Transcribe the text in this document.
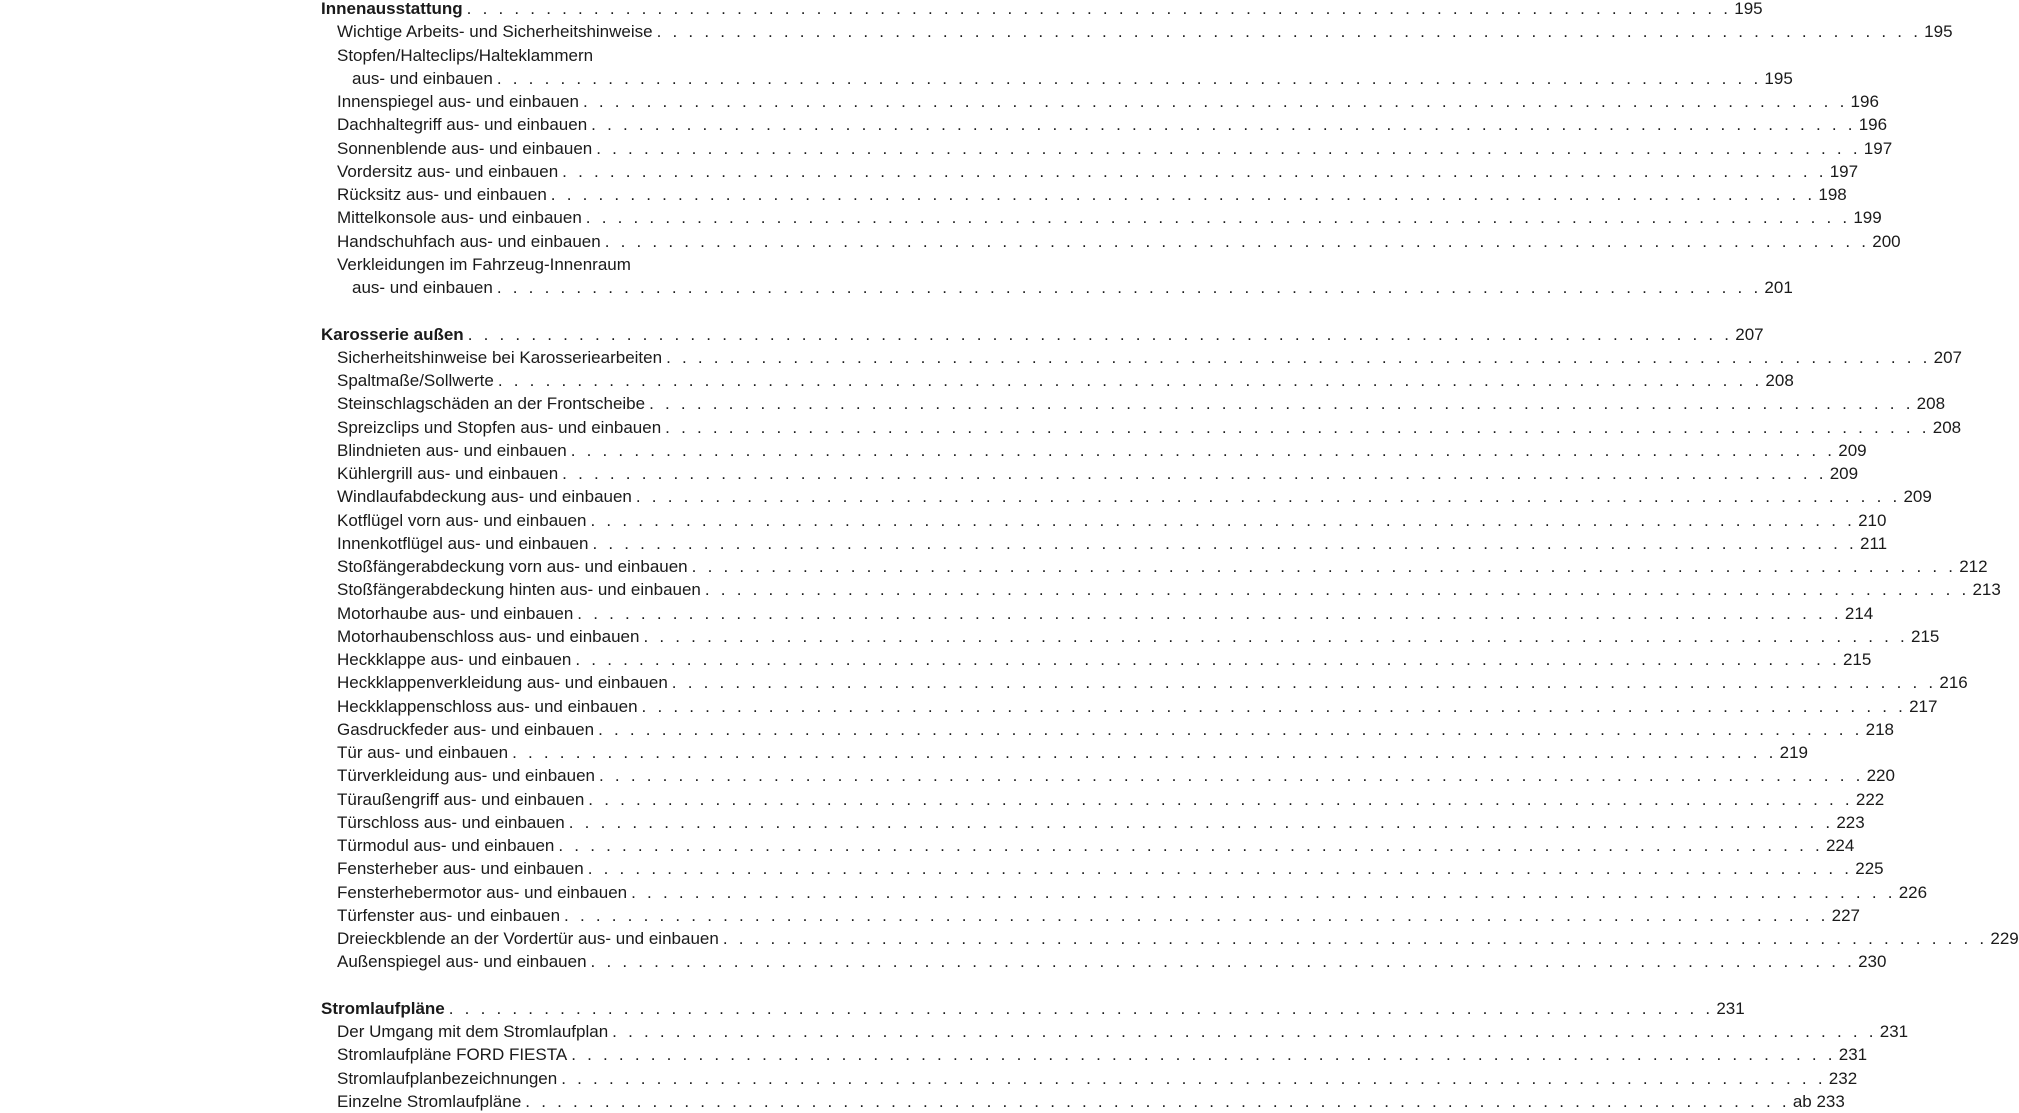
Innenausstattung . . . . . . . . . . . . . . . . . . . . . . . . . . . . . . . . . . . . . . . . . . . . . . . . . . . . . . . . . . . . . . . . . . . . . . . . . . . . . . . . 195
Wichtige Arbeits- und Sicherheitshinweise . . . . . . . . . . . . . . . . . . . . . . . . . . . . . . . . . . . . . . . . . . . . . . . . . . . . . . . . . . . . . . . . . . . . . . . . . . . . . . . . 195
Stopfen/Halteclips/Halteklammern
aus- und einbauen . . . . . . . . . . . . . . . . . . . . . . . . . . . . . . . . . . . . . . . . . . . . . . . . . . . . . . . . . . . . . . . . . . . . . . . . . . . . . . . . 195
Innenspiegel aus- und einbauen . . . . . . . . . . . . . . . . . . . . . . . . . . . . . . . . . . . . . . . . . . . . . . . . . . . . . . . . . . . . . . . . . . . . . . . . . . . . . . . . 196
Dachhaltegriff aus- und einbauen . . . . . . . . . . . . . . . . . . . . . . . . . . . . . . . . . . . . . . . . . . . . . . . . . . . . . . . . . . . . . . . . . . . . . . . . . . . . . . . . 196
Sonnenblende aus- und einbauen . . . . . . . . . . . . . . . . . . . . . . . . . . . . . . . . . . . . . . . . . . . . . . . . . . . . . . . . . . . . . . . . . . . . . . . . . . . . . . . . 197
Vordersitz aus- und einbauen . . . . . . . . . . . . . . . . . . . . . . . . . . . . . . . . . . . . . . . . . . . . . . . . . . . . . . . . . . . . . . . . . . . . . . . . . . . . . . . . 197
Rücksitz aus- und einbauen . . . . . . . . . . . . . . . . . . . . . . . . . . . . . . . . . . . . . . . . . . . . . . . . . . . . . . . . . . . . . . . . . . . . . . . . . . . . . . . . 198
Mittelkonsole aus- und einbauen . . . . . . . . . . . . . . . . . . . . . . . . . . . . . . . . . . . . . . . . . . . . . . . . . . . . . . . . . . . . . . . . . . . . . . . . . . . . . . . . 199
Handschuhfach aus- und einbauen . . . . . . . . . . . . . . . . . . . . . . . . . . . . . . . . . . . . . . . . . . . . . . . . . . . . . . . . . . . . . . . . . . . . . . . . . . . . . . . . 200
Verkleidungen im Fahrzeug-Innenraum
aus- und einbauen . . . . . . . . . . . . . . . . . . . . . . . . . . . . . . . . . . . . . . . . . . . . . . . . . . . . . . . . . . . . . . . . . . . . . . . . . . . . . . . . 201
Karosserie außen . . . . . . . . . . . . . . . . . . . . . . . . . . . . . . . . . . . . . . . . . . . . . . . . . . . . . . . . . . . . . . . . . . . . . . . . . . . . . . . . 207
Sicherheitshinweise bei Karosseriearbeiten . . . . . . . . . . . . . . . . . . . . . . . . . . . . . . . . . . . . . . . . . . . . . . . . . . . . . . . . . . . . . . . . . . . . . . . . . . . . . . . . 207
Spaltmaße/Sollwerte . . . . . . . . . . . . . . . . . . . . . . . . . . . . . . . . . . . . . . . . . . . . . . . . . . . . . . . . . . . . . . . . . . . . . . . . . . . . . . . . 208
Steinschlagschäden an der Frontscheibe . . . . . . . . . . . . . . . . . . . . . . . . . . . . . . . . . . . . . . . . . . . . . . . . . . . . . . . . . . . . . . . . . . . . . . . . . . . . . . . . 208
Spreizclips und Stopfen aus- und einbauen . . . . . . . . . . . . . . . . . . . . . . . . . . . . . . . . . . . . . . . . . . . . . . . . . . . . . . . . . . . . . . . . . . . . . . . . . . . . . . . . 208
Blindnieten aus- und einbauen . . . . . . . . . . . . . . . . . . . . . . . . . . . . . . . . . . . . . . . . . . . . . . . . . . . . . . . . . . . . . . . . . . . . . . . . . . . . . . . . 209
Kühlergrill aus- und einbauen . . . . . . . . . . . . . . . . . . . . . . . . . . . . . . . . . . . . . . . . . . . . . . . . . . . . . . . . . . . . . . . . . . . . . . . . . . . . . . . . 209
Windlaufabdeckung aus- und einbauen . . . . . . . . . . . . . . . . . . . . . . . . . . . . . . . . . . . . . . . . . . . . . . . . . . . . . . . . . . . . . . . . . . . . . . . . . . . . . . . . 209
Kotflügel vorn aus- und einbauen . . . . . . . . . . . . . . . . . . . . . . . . . . . . . . . . . . . . . . . . . . . . . . . . . . . . . . . . . . . . . . . . . . . . . . . . . . . . . . . . 210
Innenkotflügel aus- und einbauen . . . . . . . . . . . . . . . . . . . . . . . . . . . . . . . . . . . . . . . . . . . . . . . . . . . . . . . . . . . . . . . . . . . . . . . . . . . . . . . . 211
Stoßfängerabdeckung vorn aus- und einbauen . . . . . . . . . . . . . . . . . . . . . . . . . . . . . . . . . . . . . . . . . . . . . . . . . . . . . . . . . . . . . . . . . . . . . . . . . . . . . . . . 212
Stoßfängerabdeckung hinten aus- und einbauen . . . . . . . . . . . . . . . . . . . . . . . . . . . . . . . . . . . . . . . . . . . . . . . . . . . . . . . . . . . . . . . . . . . . . . . . . . . . . . . . 213
Motorhaube aus- und einbauen . . . . . . . . . . . . . . . . . . . . . . . . . . . . . . . . . . . . . . . . . . . . . . . . . . . . . . . . . . . . . . . . . . . . . . . . . . . . . . . . 214
Motorhaubenschloss aus- und einbauen . . . . . . . . . . . . . . . . . . . . . . . . . . . . . . . . . . . . . . . . . . . . . . . . . . . . . . . . . . . . . . . . . . . . . . . . . . . . . . . . 215
Heckklappe aus- und einbauen . . . . . . . . . . . . . . . . . . . . . . . . . . . . . . . . . . . . . . . . . . . . . . . . . . . . . . . . . . . . . . . . . . . . . . . . . . . . . . . . 215
Heckklappenverkleidung aus- und einbauen . . . . . . . . . . . . . . . . . . . . . . . . . . . . . . . . . . . . . . . . . . . . . . . . . . . . . . . . . . . . . . . . . . . . . . . . . . . . . . . . 216
Heckklappenschloss aus- und einbauen . . . . . . . . . . . . . . . . . . . . . . . . . . . . . . . . . . . . . . . . . . . . . . . . . . . . . . . . . . . . . . . . . . . . . . . . . . . . . . . . 217
Gasdruckfeder aus- und einbauen . . . . . . . . . . . . . . . . . . . . . . . . . . . . . . . . . . . . . . . . . . . . . . . . . . . . . . . . . . . . . . . . . . . . . . . . . . . . . . . . 218
Tür aus- und einbauen . . . . . . . . . . . . . . . . . . . . . . . . . . . . . . . . . . . . . . . . . . . . . . . . . . . . . . . . . . . . . . . . . . . . . . . . . . . . . . . . 219
Türverkleidung aus- und einbauen . . . . . . . . . . . . . . . . . . . . . . . . . . . . . . . . . . . . . . . . . . . . . . . . . . . . . . . . . . . . . . . . . . . . . . . . . . . . . . . . 220
Türaußengriff aus- und einbauen . . . . . . . . . . . . . . . . . . . . . . . . . . . . . . . . . . . . . . . . . . . . . . . . . . . . . . . . . . . . . . . . . . . . . . . . . . . . . . . . 222
Türschloss aus- und einbauen . . . . . . . . . . . . . . . . . . . . . . . . . . . . . . . . . . . . . . . . . . . . . . . . . . . . . . . . . . . . . . . . . . . . . . . . . . . . . . . . 223
Türmodul aus- und einbauen . . . . . . . . . . . . . . . . . . . . . . . . . . . . . . . . . . . . . . . . . . . . . . . . . . . . . . . . . . . . . . . . . . . . . . . . . . . . . . . . 224
Fensterheber aus- und einbauen . . . . . . . . . . . . . . . . . . . . . . . . . . . . . . . . . . . . . . . . . . . . . . . . . . . . . . . . . . . . . . . . . . . . . . . . . . . . . . . . 225
Fensterhebermotor aus- und einbauen . . . . . . . . . . . . . . . . . . . . . . . . . . . . . . . . . . . . . . . . . . . . . . . . . . . . . . . . . . . . . . . . . . . . . . . . . . . . . . . . 226
Türfenster aus- und einbauen . . . . . . . . . . . . . . . . . . . . . . . . . . . . . . . . . . . . . . . . . . . . . . . . . . . . . . . . . . . . . . . . . . . . . . . . . . . . . . . . 227
Dreieckblende an der Vordertür aus- und einbauen . . . . . . . . . . . . . . . . . . . . . . . . . . . . . . . . . . . . . . . . . . . . . . . . . . . . . . . . . . . . . . . . . . . . . . . . . . . . . . . . 229
Außenspiegel aus- und einbauen . . . . . . . . . . . . . . . . . . . . . . . . . . . . . . . . . . . . . . . . . . . . . . . . . . . . . . . . . . . . . . . . . . . . . . . . . . . . . . . . 230
Stromlaufpläne . . . . . . . . . . . . . . . . . . . . . . . . . . . . . . . . . . . . . . . . . . . . . . . . . . . . . . . . . . . . . . . . . . . . . . . . . . . . . . . . 231
Der Umgang mit dem Stromlaufplan . . . . . . . . . . . . . . . . . . . . . . . . . . . . . . . . . . . . . . . . . . . . . . . . . . . . . . . . . . . . . . . . . . . . . . . . . . . . . . . . 231
Stromlaufpläne FORD FIESTA . . . . . . . . . . . . . . . . . . . . . . . . . . . . . . . . . . . . . . . . . . . . . . . . . . . . . . . . . . . . . . . . . . . . . . . . . . . . . . . . 231
Stromlaufplanbezeichnungen . . . . . . . . . . . . . . . . . . . . . . . . . . . . . . . . . . . . . . . . . . . . . . . . . . . . . . . . . . . . . . . . . . . . . . . . . . . . . . . . 232
Einzelne Stromlaufpläne . . . . . . . . . . . . . . . . . . . . . . . . . . . . . . . . . . . . . . . . . . . . . . . . . . . . . . . . . . . . . . . . . . . . . . . . . . . . . . . . ab 233
